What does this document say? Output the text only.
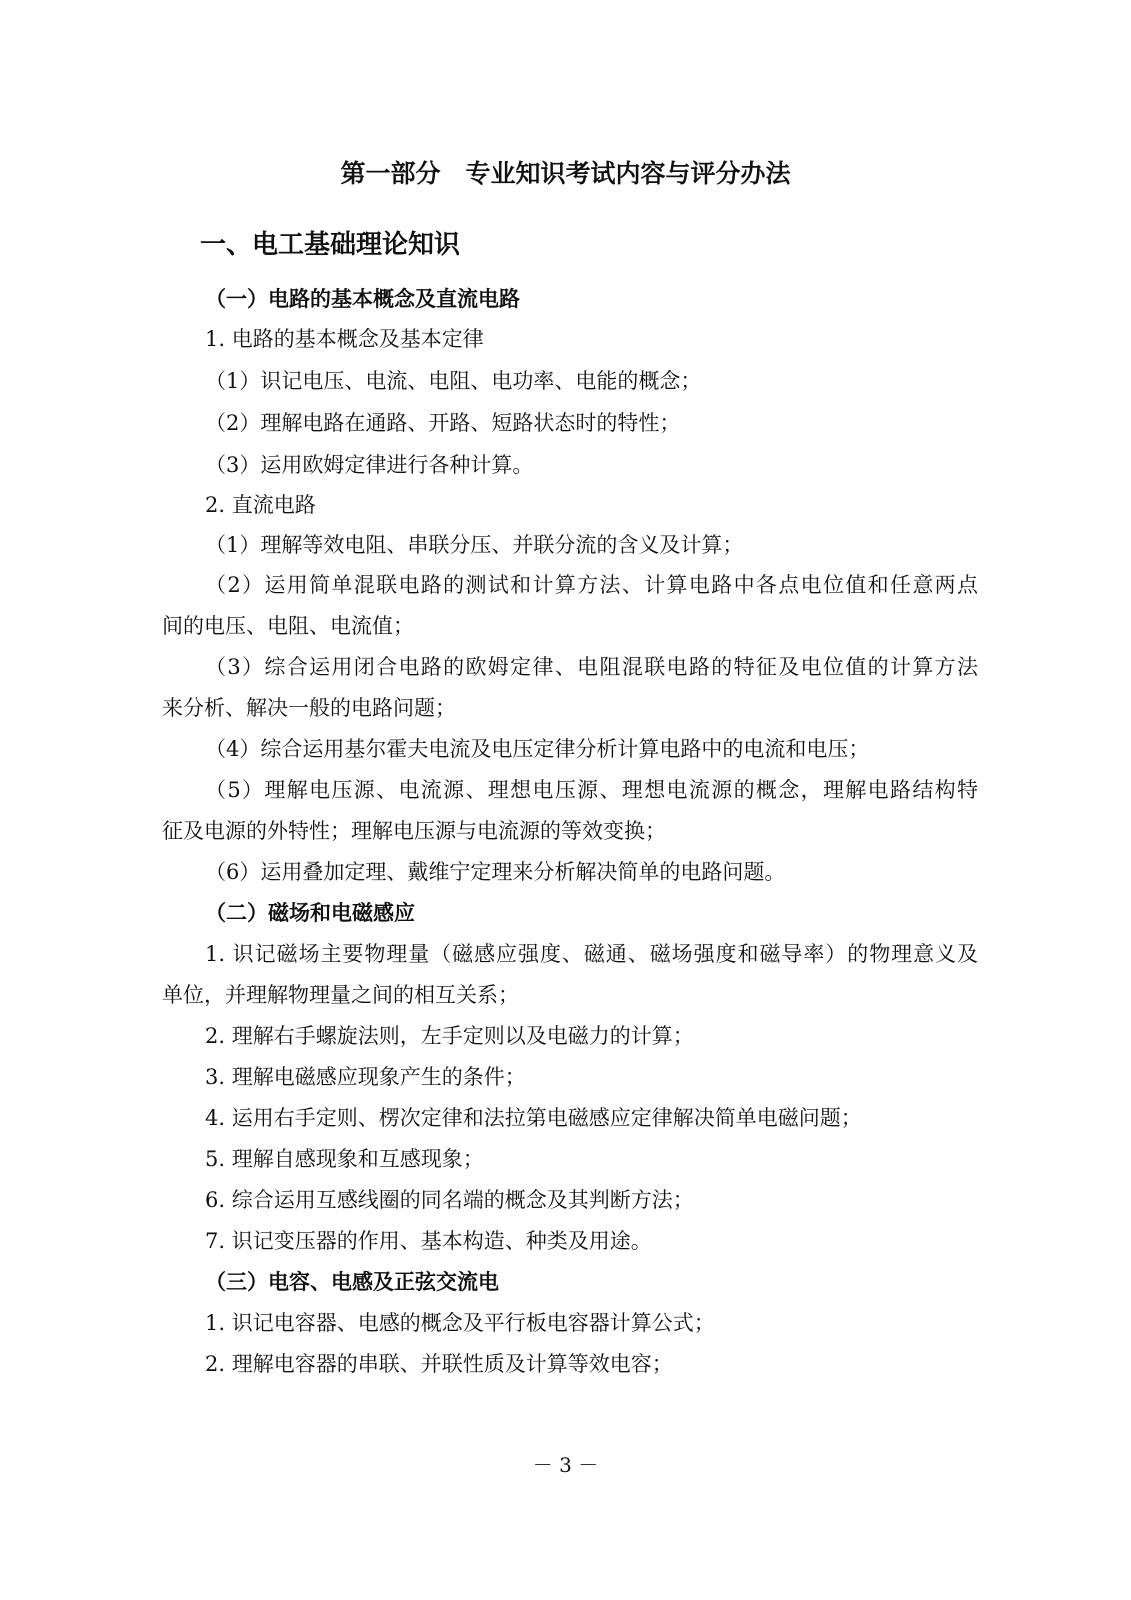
第一部分　专业知识考试内容与评分办法
一、电工基础理论知识
（一）电路的基本概念及直流电路
1. 电路的基本概念及基本定律
（1）识记电压、电流、电阻、电功率、电能的概念；
（2）理解电路在通路、开路、短路状态时的特性；
（3）运用欧姆定律进行各种计算。
2. 直流电路
（1）理解等效电阻、串联分压、并联分流的含义及计算；
（2）运用简单混联电路的测试和计算方法、计算电路中各点电位值和任意两点
间的电压、电阻、电流值；
（3）综合运用闭合电路的欧姆定律、电阻混联电路的特征及电位值的计算方法
来分析、解决一般的电路问题；
（4）综合运用基尔霍夫电流及电压定律分析计算电路中的电流和电压；
（5）理解电压源、电流源、理想电压源、理想电流源的概念，理解电路结构特
征及电源的外特性；理解电压源与电流源的等效变换；
（6）运用叠加定理、戴维宁定理来分析解决简单的电路问题。
（二）磁场和电磁感应
1. 识记磁场主要物理量（磁感应强度、磁通、磁场强度和磁导率）的物理意义及
单位，并理解物理量之间的相互关系；
2. 理解右手螺旋法则，左手定则以及电磁力的计算；
3. 理解电磁感应现象产生的条件；
4. 运用右手定则、楞次定律和法拉第电磁感应定律解决简单电磁问题；
5. 理解自感现象和互感现象；
6. 综合运用互感线圈的同名端的概念及其判断方法；
7. 识记变压器的作用、基本构造、种类及用途。
（三）电容、电感及正弦交流电
1. 识记电容器、电感的概念及平行板电容器计算公式；
2. 理解电容器的串联、并联性质及计算等效电容；
－ 3 －
